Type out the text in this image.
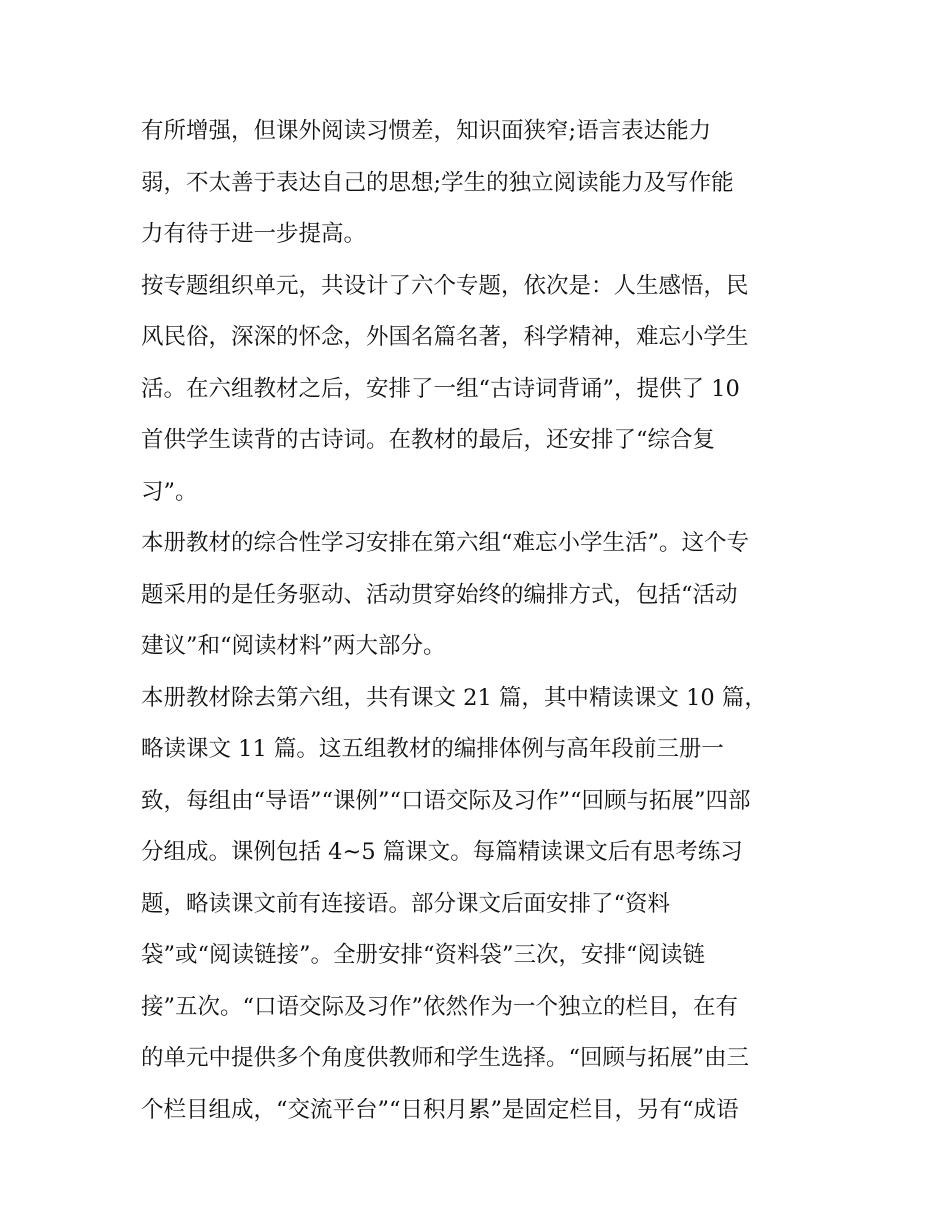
有所增强，但课外阅读习惯差，知识面狭窄;语言表达能力
弱，不太善于表达自己的思想;学生的独立阅读能力及写作能
力有待于进一步提高。
按专题组织单元，共设计了六个专题，依次是：人生感悟，民
风民俗，深深的怀念，外国名篇名著，科学精神，难忘小学生
活。在六组教材之后，安排了一组“古诗词背诵”，提供了 10
首供学生读背的古诗词。在教材的最后，还安排了“综合复
习”。
本册教材的综合性学习安排在第六组“难忘小学生活”。这个专
题采用的是任务驱动、活动贯穿始终的编排方式，包括“活动
建议”和“阅读材料”两大部分。
本册教材除去第六组，共有课文 21 篇，其中精读课文 10 篇，
略读课文 11 篇。这五组教材的编排体例与高年段前三册一
致，每组由“导语”“课例”“口语交际及习作”“回顾与拓展”四部
分组成。课例包括 4~5 篇课文。每篇精读课文后有思考练习
题，略读课文前有连接语。部分课文后面安排了“资料
袋”或“阅读链接”。全册安排“资料袋”三次，安排“阅读链
接”五次。“口语交际及习作”依然作为一个独立的栏目，在有
的单元中提供多个角度供教师和学生选择。“回顾与拓展”由三
个栏目组成，“交流平台”“日积月累”是固定栏目，另有“成语
